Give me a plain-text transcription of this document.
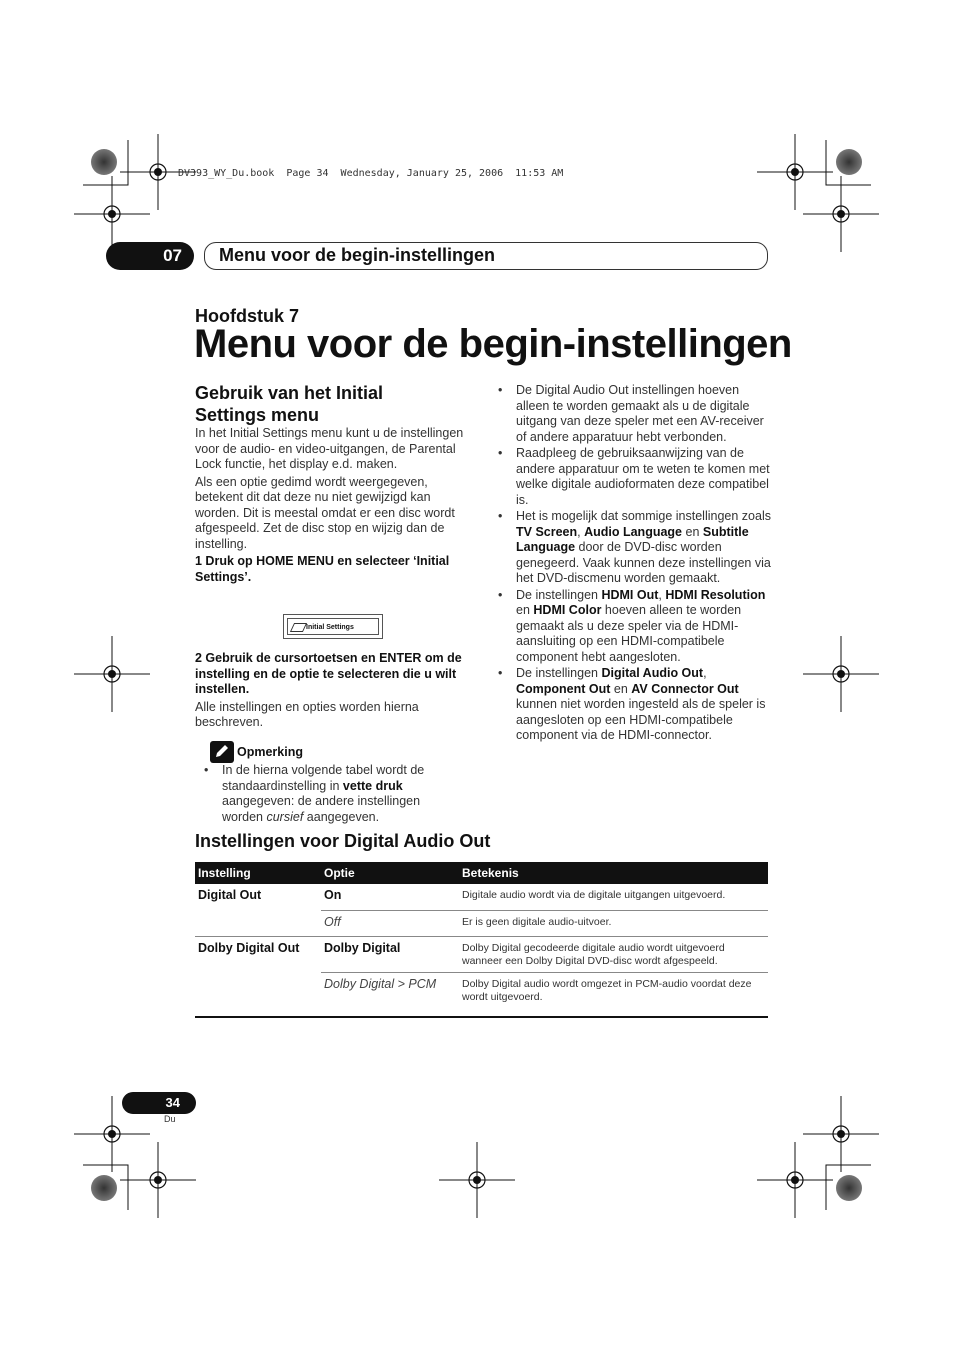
DV393_WY_Du.book  Page 34  Wednesday, January 25, 2006  11:53 AM
07	Menu voor de begin-instellingen
Hoofdstuk 7
Menu voor de begin-instellingen
Gebruik van het Initial
Settings menu

In het Initial Settings menu kunt u de instellingen voor de audio- en video-uitgangen, de Parental Lock functie, het display e.d. maken.

Als een optie gedimd wordt weergegeven, betekent dit dat deze nu niet gewijzigd kan worden. Dit is meestal omdat er een disc wordt afgespeeld. Zet de disc stop en wijzig dan de instelling.

1 Druk op HOME MENU en selecteer ‘Initial Settings’.

Initial Settings

2 Gebruik de cursortoetsen en ENTER om de instelling en de optie te selecteren die u wilt instellen.

Alle instellingen en opties worden hierna beschreven.

Opmerking
• In de hierna volgende tabel wordt de standaardinstelling in vette druk aangegeven: de andere instellingen worden cursief aangegeven.
• De Digital Audio Out instellingen hoeven alleen te worden gemaakt als u de digitale uitgang van deze speler met een AV-receiver of andere apparatuur hebt verbonden.
• Raadpleeg de gebruiksaanwijzing van de andere apparatuur om te weten te komen met welke digitale audioformaten deze compatibel is.
• Het is mogelijk dat sommige instellingen zoals TV Screen, Audio Language en Subtitle Language door de DVD-disc worden genegeerd. Vaak kunnen deze instellingen via het DVD-discmenu worden gemaakt.
• De instellingen HDMI Out, HDMI Resolution en HDMI Color hoeven alleen te worden gemaakt als u deze speler via de HDMI-aansluiting op een HDMI-compatibele component hebt aangesloten.
• De instellingen Digital Audio Out, Component Out en AV Connector Out kunnen niet worden ingesteld als de speler is aangesloten op een HDMI-compatibele component via de HDMI-connector.
Instellingen voor Digital Audio Out
Instelling	Optie	Betekenis
Digital Out	On	Digitale audio wordt via de digitale uitgangen uitgevoerd.
	Off	Er is geen digitale audio-uitvoer.
Dolby Digital Out	Dolby Digital	Dolby Digital gecodeerde digitale audio wordt uitgevoerd wanneer een Dolby Digital DVD-disc wordt afgespeeld.
	Dolby Digital > PCM	Dolby Digital audio wordt omgezet in PCM-audio voordat deze wordt uitgevoerd.
34
Du
